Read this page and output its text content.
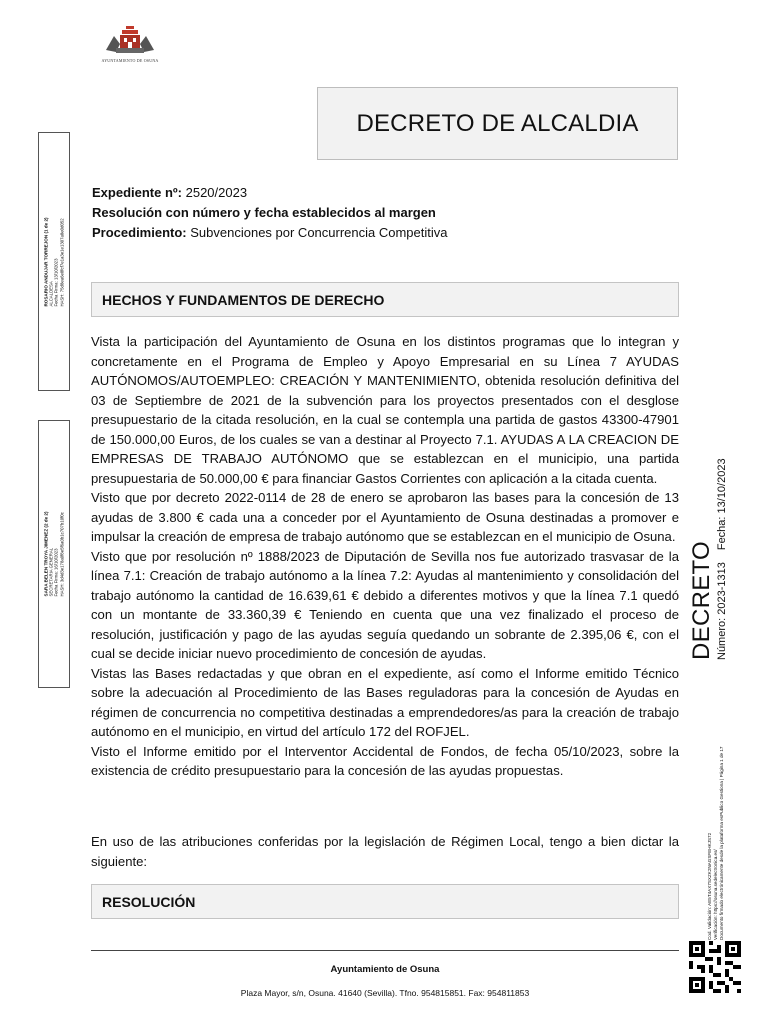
AYUNTAMIENTO DE OSUNA
DECRETO DE ALCALDIA
Expediente nº: 2520/2023
Resolución con número y fecha establecidos al margen
Procedimiento: Subvenciones por Concurrencia Competitiva
HECHOS Y FUNDAMENTOS DE DERECHO

Vista la participación del Ayuntamiento de Osuna en los distintos programas que lo integran y concretamente en el Programa de Empleo y Apoyo Empresarial en su Línea 7 AYUDAS AUTÓNOMOS/AUTOEMPLEO: CREACIÓN Y MANTENIMIENTO, obtenida resolución definitiva del 03 de Septiembre de 2021 de la subvención para los proyectos presentados con el desglose presupuestario de la citada resolución, en la cual se contempla una partida de gastos 43300-47901 de 150.000,00 Euros, de los cuales se van a destinar al Proyecto 7.1. AYUDAS A LA CREACION DE EMPRESAS DE TRABAJO AUTÓNOMO que se establezcan en el municipio, una partida presupuestaria de 50.000,00 € para financiar Gastos Corrientes con aplicación a la citada cuenta.

Visto que por decreto 2022-0114 de 28 de enero se aprobaron las bases para la concesión de 13 ayudas de 3.800 € cada una a conceder por el Ayuntamiento de Osuna destinadas a promover e impulsar la creación de empresa de trabajo autónomo que se establezcan en el municipio de Osuna.

Visto que por resolución nº 1888/2023 de Diputación de Sevilla nos fue autorizado trasvasar de la línea 7.1: Creación de trabajo autónomo a la línea 7.2: Ayudas al mantenimiento y consolidación del trabajo autónomo la cantidad de 16.639,61 € debido a diferentes motivos y que la línea 7.1 quedó con un montante de 33.360,39 € Teniendo en cuenta que una vez finalizado el proceso de resolución, justificación y pago de las ayudas seguía quedando un sobrante de 2.395,06 €, con el cual se decide iniciar nuevo procedimiento de concesión de ayudas.

Vistas las Bases redactadas y que obran en el expediente, así como el Informe emitido Técnico sobre la adecuación al Procedimiento de las Bases reguladoras para la concesión de Ayudas en régimen de concurrencia no competitiva destinadas a emprendedores/as para la creación de trabajo autónomo en el municipio, en virtud del artículo 172 del ROFJEL.

Visto el Informe emitido por el Interventor Accidental de Fondos, de fecha 05/10/2023, sobre la existencia de crédito presupuestario para la concesión de las ayudas propuestas.

En uso de las atribuciones conferidas por la legislación de Régimen Local, tengo a bien dictar la siguiente:

RESOLUCIÓN
Ayuntamiento de Osuna
Plaza Mayor, s/n, Osuna. 41640 (Sevilla). Tfno. 954815851. Fax: 954811853
ROSARIO ANDUJAR TORREJON (1 de 2) ALCALDESA Fecha Firma: 13/10/2023 HASH: 75d8ea6e8fcf7e1a3e1e1307a8e0d052
SARA BELEN TROYA JIMENEZ (2 de 2) SECRETARIA GENERAL Fecha Firma: 16/10/2023 HASH: 3d4d3e178a0f8e5f6a0b1c707b10f0c	DECRETO Número: 2023-1313Fecha: 13/10/2023
Cod. Validación: AE5T4AX7SXZK2NAGSFEHKJS72 Verificación: https://osuna.sedelectronica.es/ Documento firmado electrónicamente desde la plataforma esPublico Gestiona | Página 1 de 17
